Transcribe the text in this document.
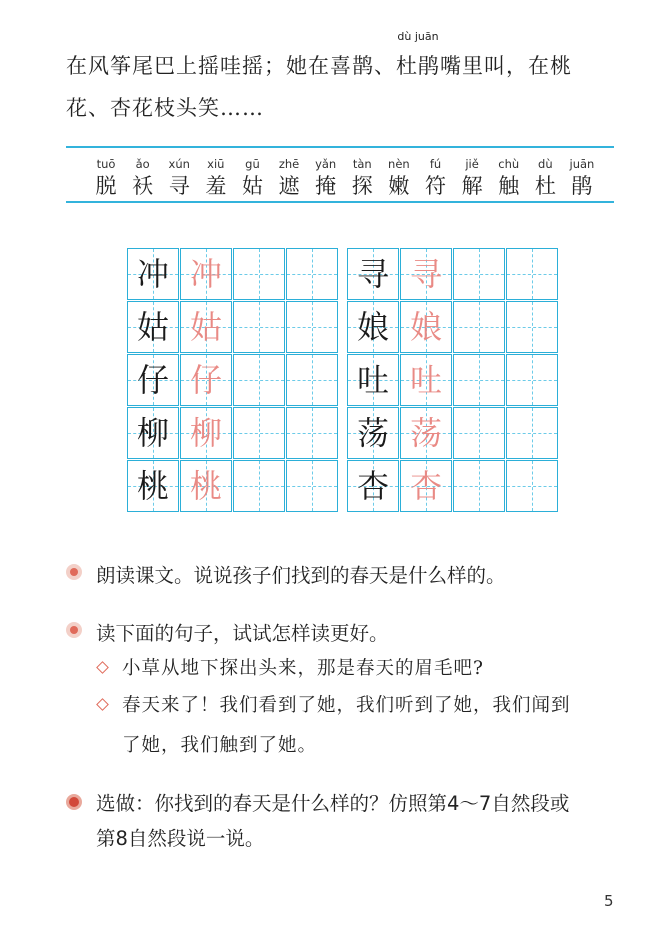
在风筝尾巴上摇哇摇；她在喜鹊、
dù juān
杜鹃嘴里叫，在桃
花、杏花枝头笑……
tuō
脱
ǎo
袄
xún
寻
xiū
羞
gū
姑
zhē
遮
yǎn
掩
tàn
探
nèn
嫩
fú
符
jiě
解
chù
触
dù
杜
juān
鹃
冲 冲	寻 寻
姑 姑	娘 娘
仔 仔	吐 吐
柳 柳	荡 荡
桃 桃	杏 杏
朗读课文。说说孩子们找到的春天是什么样的。
读下面的句子，试试怎样读更好。
小草从地下探出头来，那是春天的眉毛吧?
春天来了！我们看到了她，我们听到了她，我们闻到
了她，我们触到了她。
选做：你找到的春天是什么样的？仿照第4～7自然段或
第8自然段说一说。
5
